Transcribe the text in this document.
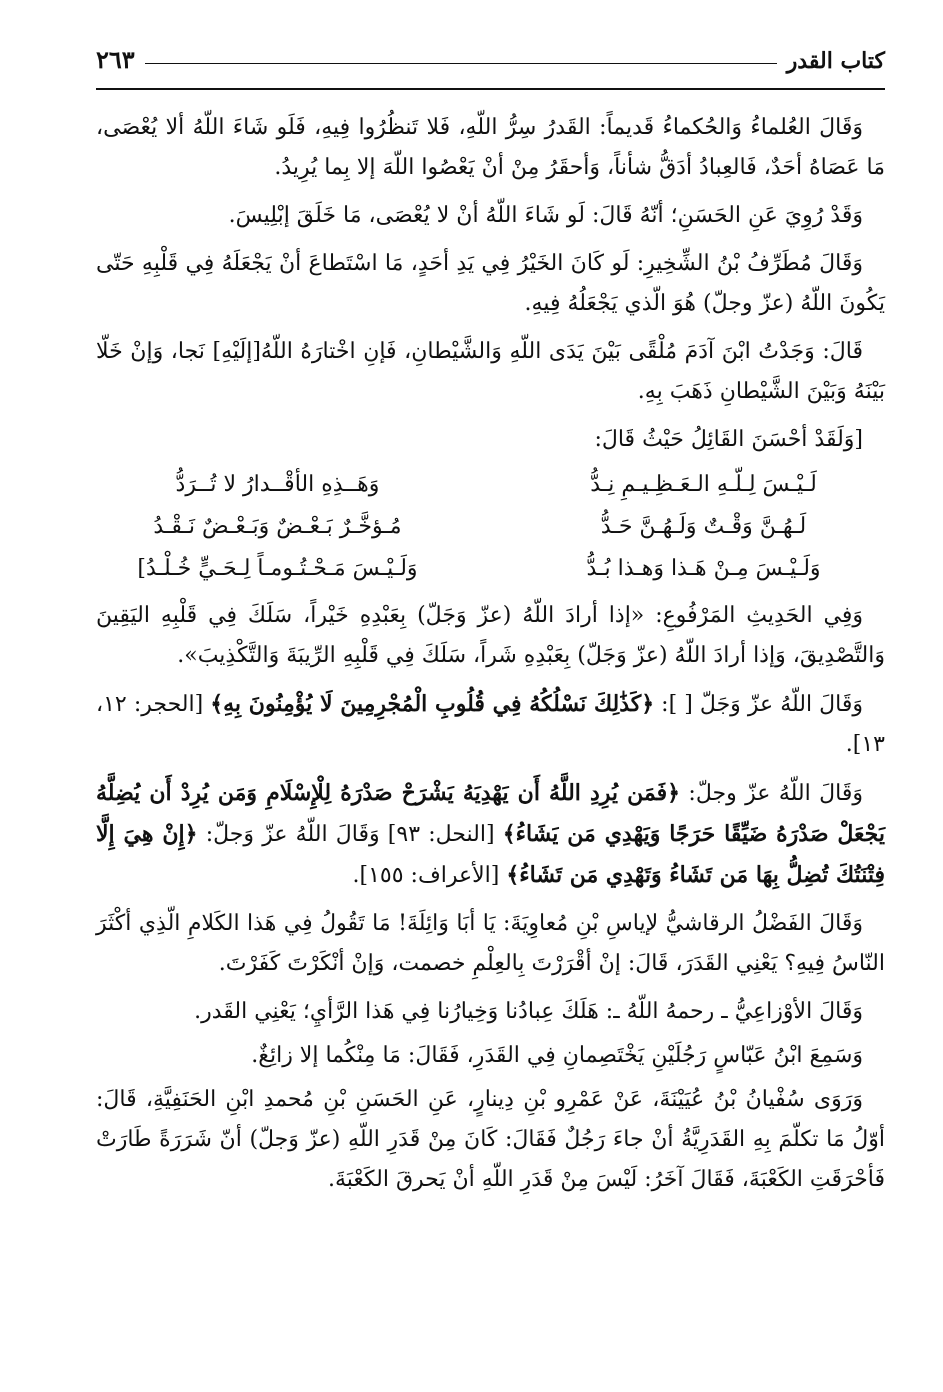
كتاب القدر
٢٦٣

وَقَالَ العُلماءُ وَالحُكماءُ قَديماً: القَدرُ سِرُّ اللّهِ، فَلا تَنظُرُوا فِيهِ، فَلَو شَاءَ اللّهُ ألا يُعْصَى، مَا عَصَاهُ أحَدٌ، فَالعِبادُ أدَقُّ شأناً، وَأحقَرُ مِنْ أنْ يَعْصُوا اللّهَ إلا بِما يُرِيدُ.

وَقَدْ رُوِيَ عَنِ الحَسَنِ؛ أنّهُ قَالَ: لَو شَاءَ اللّهُ أنْ لا يُعْصَى، مَا خَلَقَ إبْلِيسَ.

وَقَالَ مُطَرِّفُ بْنُ الشِّخِيرِ: لَو كَانَ الخَيْرُ فِي يَدِ أحَدٍ، مَا اسْتَطاعَ أنْ يَجْعَلَهُ فِي قَلْبِهِ حَتّى يَكُونَ اللّهُ (عزّ وجلّ) هُوَ الّذي يَجْعَلُهُ فِيهِ.

قَالَ: وَجَدْتُ ابْنَ آدَمَ مُلْقًى بَيْنَ يَدَى اللّهِ وَالشَّيْطانِ، فَإنِ اخْتارَهُ اللّهُ[إلَيْهِ] نَجا، وَإنْ خَلّا بَيْنَهُ وَبَيْنَ الشَّيْطانِ ذَهَبَ بِهِ.

[وَلَقَدْ أحْسَنَ القَائِلُ حَيْثُ قَالَ:

لَـيْـسَ لِـلّـهِ الـعَـظِـيـمِ نِـدُّ
وَهَــذِهِ الأقْــدارُ لا تُــرَدُّ
لَـهُـنَّ وَقْـتٌ وَلَـهُـنَّ حَـدُّ
مُـؤخَّـرٌ بَـعْـضٌ وَبَـعْـضٌ نَـقْـدُ
وَلَـيْـسَ مِـنْ هَـذا وَهـذا بُـدُّ
وَلَـيْـسَ مَـحْـتُـومـاً لِـحَـيٍّ خُـلْـدُ]

وَفِي الحَدِيثِ المَرْفُوعِ: «إذا أرادَ اللّهُ (عزّ وَجَلّ) بِعَبْدِهِ خَيْراً، سَلَكَ فِي قَلْبِهِ اليَقِينَ وَالتَّصْدِيقَ، وَإذا أرادَ اللّهُ (عزّ وَجَلّ) بِعَبْدِهِ شَراً، سَلَكَ فِي قَلْبِهِ الرِّيبَةَ وَالتَّكْذِيبَ».

وَقَالَ اللّهُ عزّ وَجَلّ [ ]: ﴿كَذَٰلِكَ نَسْلُكُهُ فِي قُلُوبِ الْمُجْرِمِينَ لَا يُؤْمِنُونَ بِهِ﴾ [الحجر: ١٢، ١٣].

وَقَالَ اللّهُ عزّ وجلّ: ﴿فَمَن يُرِدِ اللَّهُ أَن يَهْدِيَهُ يَشْرَحْ صَدْرَهُ لِلْإِسْلَامِ وَمَن يُرِدْ أَن يُضِلَّهُ يَجْعَلْ صَدْرَهُ ضَيِّقًا حَرَجًا وَيَهْدِي مَن يَشَاءُ﴾ [النحل: ٩٣] وَقَالَ اللّهُ عزّ وَجلّ: ﴿إِنْ هِيَ إِلَّا فِتْنَتُكَ تُضِلُّ بِهَا مَن تَشَاءُ وَتَهْدِي مَن تَشَاءُ﴾ [الأعراف: ١٥٥].

وَقَالَ الفَضْلُ الرقاشيُّ لإياسِ بْنِ مُعاوِيَةَ: يَا أبَا وَائِلَةَ! مَا تَقُولُ فِي هَذا الكَلامِ الّذِي أكْثَرَ النّاسُ فِيهِ؟ يَعْنِي القَدَرَ، قَالَ: إنْ أقْرَرْتَ بِالعِلْمِ خصمت، وَإنْ أنْكَرْتَ كَفَرْتَ.

وَقَالَ الأوْزاعِيُّ ـ رحمهُ اللّهُ ـ: هَلَكَ عِبادُنا وَخِيارُنا فِي هَذا الرَّأيِ؛ يَعْنِي القَدر.

وَسَمِعَ ابْنُ عَبّاسٍ رَجُلَيْنِ يَخْتَصِمانِ فِي القَدَرِ، فَقَالَ: مَا مِنْكُما إلا زائِغٌ.

وَرَوَى سُفْيانُ بْنُ عُيَيْنَةَ، عَنْ عَمْرِو بْنِ دِينارٍ، عَنِ الحَسَنِ بْنِ مُحمدِ ابْنِ الحَنَفِيَّةِ، قَالَ: أوّلُ مَا تكلّمَ بِهِ القَدَرِيَّةُ أنْ جاءَ رَجُلٌ فَقَالَ: كَانَ مِنْ قَدَرِ اللّهِ (عزّ وَجلّ) أنّ شَرَرَةً طَارَتْ فَأحْرَقَتِ الكَعْبَةَ، فَقَالَ آخَرُ: لَيْسَ مِنْ قَدَرِ اللّهِ أنْ يَحرقَ الكَعْبَةَ.
